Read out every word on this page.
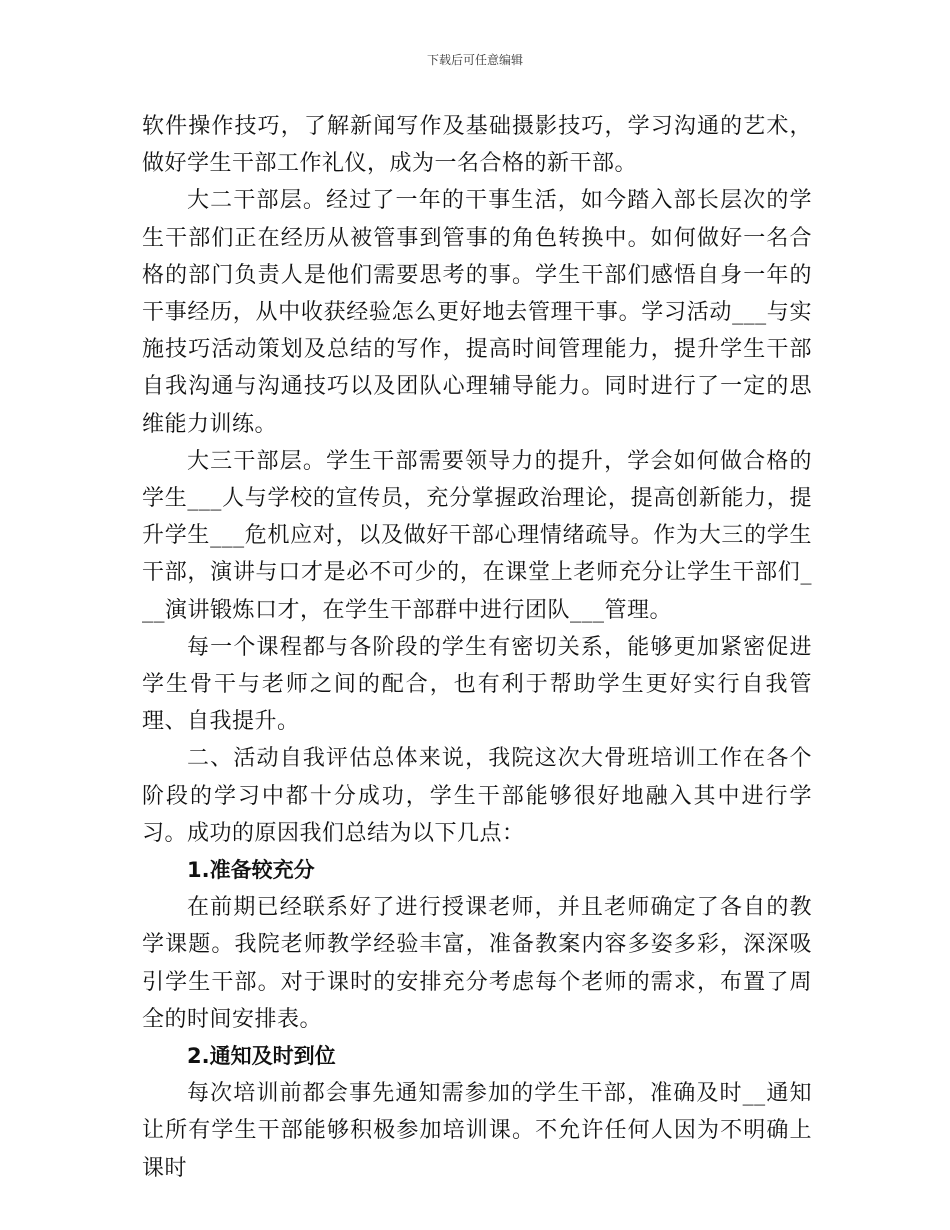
下载后可任意编辑

软件操作技巧，了解新闻写作及基础摄影技巧，学习沟通的艺术，做好学生干部工作礼仪，成为一名合格的新干部。

大二干部层。经过了一年的干事生活，如今踏入部长层次的学生干部们正在经历从被管事到管事的角色转换中。如何做好一名合格的部门负责人是他们需要思考的事。学生干部们感悟自身一年的干事经历，从中收获经验怎么更好地去管理干事。学习活动___与实施技巧活动策划及总结的写作，提高时间管理能力，提升学生干部自我沟通与沟通技巧以及团队心理辅导能力。同时进行了一定的思维能力训练。

大三干部层。学生干部需要领导力的提升，学会如何做合格的学生___人与学校的宣传员，充分掌握政治理论，提高创新能力，提升学生___危机应对，以及做好干部心理情绪疏导。作为大三的学生干部，演讲与口才是必不可少的，在课堂上老师充分让学生干部们___演讲锻炼口才，在学生干部群中进行团队___管理。

每一个课程都与各阶段的学生有密切关系，能够更加紧密促进学生骨干与老师之间的配合，也有利于帮助学生更好实行自我管理、自我提升。

二、活动自我评估总体来说，我院这次大骨班培训工作在各个阶段的学习中都十分成功，学生干部能够很好地融入其中进行学习。成功的原因我们总结为以下几点：

1.准备较充分

在前期已经联系好了进行授课老师，并且老师确定了各自的教学课题。我院老师教学经验丰富，准备教案内容多姿多彩，深深吸引学生干部。对于课时的安排充分考虑每个老师的需求，布置了周全的时间安排表。

2.通知及时到位

每次培训前都会事先通知需参加的学生干部，准确及时__通知让所有学生干部能够积极参加培训课。不允许任何人因为不明确上课时
